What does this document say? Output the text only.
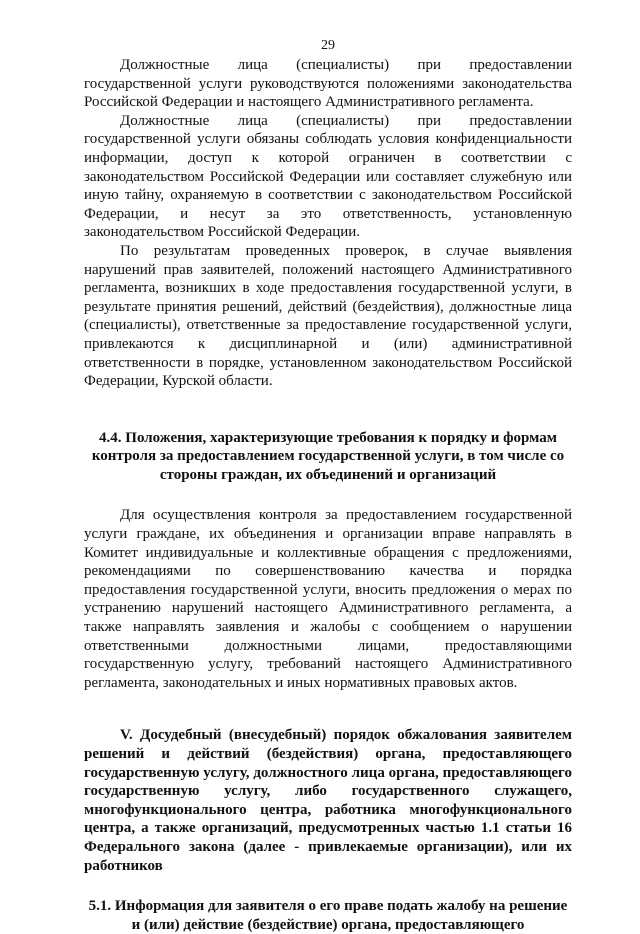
29

Должностные лица (специалисты) при предоставлении государственной услуги руководствуются положениями законодательства Российской Федерации и настоящего Административного регламента.

Должностные лица (специалисты) при предоставлении государственной услуги обязаны соблюдать условия конфиденциальности информации, доступ к которой ограничен в соответствии с законодательством Российской Федерации или составляет служебную или иную тайну, охраняемую в соответствии с законодательством Российской Федерации, и несут за это ответственность, установленную законодательством Российской Федерации.

По результатам проведенных проверок, в случае выявления нарушений прав заявителей, положений настоящего Административного регламента, возникших в ходе предоставления государственной услуги, в результате принятия решений, действий (бездействия), должностные лица (специалисты), ответственные за предоставление государственной услуги, привлекаются к дисциплинарной и (или) административной ответственности в порядке, установленном законодательством Российской Федерации, Курской области.

4.4. Положения, характеризующие требования к порядку и формам контроля за предоставлением государственной услуги, в том числе со стороны граждан, их объединений и организаций

Для осуществления контроля за предоставлением государственной услуги граждане, их объединения и организации вправе направлять в Комитет индивидуальные и коллективные обращения с предложениями, рекомендациями по совершенствованию качества и порядка предоставления государственной услуги, вносить предложения о мерах по устранению нарушений настоящего Административного регламента, а также направлять заявления и жалобы с сообщением о нарушении ответственными должностными лицами, предоставляющими государственную услугу, требований настоящего Административного регламента, законодательных и иных нормативных правовых актов.

V. Досудебный (внесудебный) порядок обжалования заявителем решений и действий (бездействия) органа, предоставляющего государственную услугу, должностного лица органа, предоставляющего государственную услугу, либо государственного служащего, многофункционального центра, работника многофункционального центра, а также организаций, предусмотренных частью 1.1 статьи 16 Федерального закона (далее - привлекаемые организации), или их работников

5.1. Информация для заявителя о его праве подать жалобу на решение и (или) действие (бездействие) органа, предоставляющего
